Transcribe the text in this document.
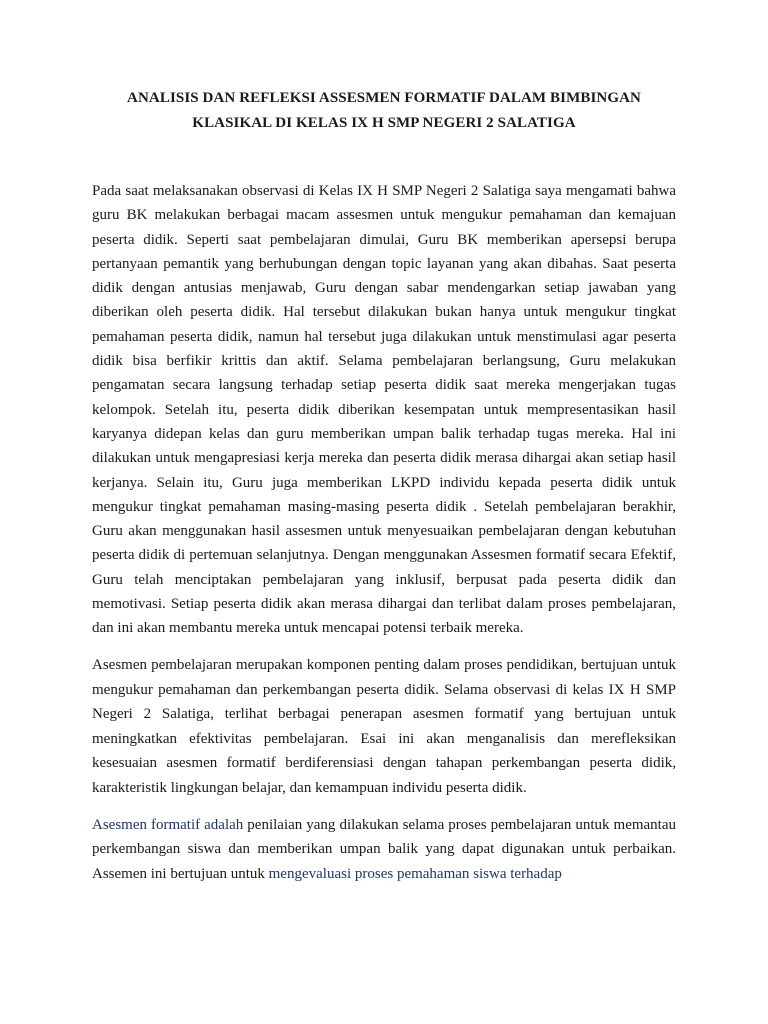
ANALISIS DAN REFLEKSI ASSESMEN FORMATIF DALAM BIMBINGAN
KLASIKAL DI KELAS IX H SMP NEGERI 2 SALATIGA

Pada saat melaksanakan observasi di Kelas IX H SMP Negeri 2 Salatiga saya mengamati bahwa guru BK melakukan berbagai macam assesmen untuk mengukur pemahaman dan kemajuan peserta didik. Seperti saat pembelajaran dimulai, Guru BK memberikan apersepsi berupa pertanyaan pemantik yang berhubungan dengan topic layanan yang akan dibahas. Saat peserta didik dengan antusias menjawab, Guru dengan sabar mendengarkan setiap jawaban yang diberikan oleh peserta didik. Hal tersebut dilakukan bukan hanya untuk mengukur tingkat pemahaman peserta didik, namun hal tersebut juga dilakukan untuk menstimulasi agar peserta didik bisa berfikir krittis dan aktif. Selama pembelajaran berlangsung, Guru melakukan pengamatan secara langsung terhadap setiap peserta didik saat mereka mengerjakan tugas kelompok. Setelah itu, peserta didik diberikan kesempatan untuk mempresentasikan hasil karyanya didepan kelas dan guru memberikan umpan balik terhadap tugas mereka. Hal ini dilakukan untuk mengapresiasi kerja mereka dan peserta didik merasa dihargai akan setiap hasil kerjanya. Selain itu, Guru juga memberikan LKPD individu kepada peserta didik untuk mengukur tingkat pemahaman masing-masing peserta didik . Setelah pembelajaran berakhir, Guru akan menggunakan hasil assesmen untuk menyesuaikan pembelajaran dengan kebutuhan peserta didik di pertemuan selanjutnya. Dengan menggunakan Assesmen formatif secara Efektif, Guru telah menciptakan pembelajaran yang inklusif, berpusat pada peserta didik dan memotivasi. Setiap peserta didik akan merasa dihargai dan terlibat dalam proses pembelajaran, dan ini akan membantu mereka untuk mencapai potensi terbaik mereka.

Asesmen pembelajaran merupakan komponen penting dalam proses pendidikan, bertujuan untuk mengukur pemahaman dan perkembangan peserta didik. Selama observasi di kelas IX H SMP Negeri 2 Salatiga, terlihat berbagai penerapan asesmen formatif yang bertujuan untuk meningkatkan efektivitas pembelajaran. Esai ini akan menganalisis dan merefleksikan kesesuaian asesmen formatif berdiferensiasi dengan tahapan perkembangan peserta didik, karakteristik lingkungan belajar, dan kemampuan individu peserta didik.

Asesmen formatif adalah penilaian yang dilakukan selama proses pembelajaran untuk memantau perkembangan siswa dan memberikan umpan balik yang dapat digunakan untuk perbaikan. Assemen ini bertujuan untuk mengevaluasi proses pemahaman siswa terhadap
